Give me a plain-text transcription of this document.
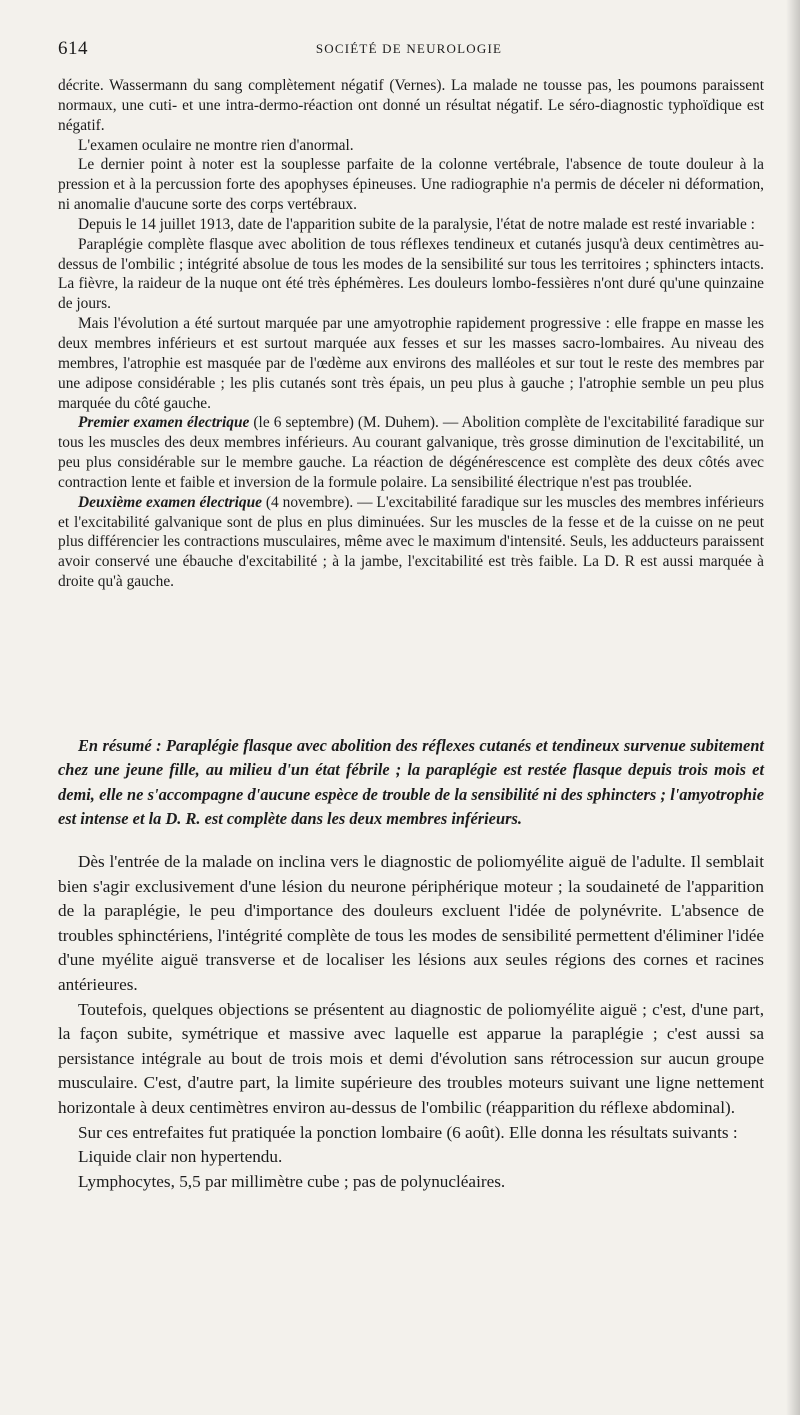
614	SOCIÉTÉ DE NEUROLOGIE

décrite. Wassermann du sang complètement négatif (Vernes). La malade ne tousse pas, les poumons paraissent normaux, une cuti- et une intra-dermo-réaction ont donné un résultat négatif. Le séro-diagnostic typhoïdique est négatif.

L'examen oculaire ne montre rien d'anormal.

Le dernier point à noter est la souplesse parfaite de la colonne vertébrale, l'absence de toute douleur à la pression et à la percussion forte des apophyses épineuses. Une radiographie n'a permis de déceler ni déformation, ni anomalie d'aucune sorte des corps vertébraux.

Depuis le 14 juillet 1913, date de l'apparition subite de la paralysie, l'état de notre malade est resté invariable :

Paraplégie complète flasque avec abolition de tous réflexes tendineux et cutanés jusqu'à deux centimètres au-dessus de l'ombilic ; intégrité absolue de tous les modes de la sensibilité sur tous les territoires ; sphincters intacts. La fièvre, la raideur de la nuque ont été très éphémères. Les douleurs lombo-fessières n'ont duré qu'une quinzaine de jours.

Mais l'évolution a été surtout marquée par une amyotrophie rapidement progressive : elle frappe en masse les deux membres inférieurs et est surtout marquée aux fesses et sur les masses sacro-lombaires. Au niveau des membres, l'atrophie est masquée par de l'œdème aux environs des malléoles et sur tout le reste des membres par une adipose considérable ; les plis cutanés sont très épais, un peu plus à gauche ; l'atrophie semble un peu plus marquée du côté gauche.

Premier examen électrique (le 6 septembre) (M. Duhem). — Abolition complète de l'excitabilité faradique sur tous les muscles des deux membres inférieurs. Au courant galvanique, très grosse diminution de l'excitabilité, un peu plus considérable sur le membre gauche. La réaction de dégénérescence est complète des deux côtés avec contraction lente et faible et inversion de la formule polaire. La sensibilité électrique n'est pas troublée.

Deuxième examen électrique (4 novembre). — L'excitabilité faradique sur les muscles des membres inférieurs et l'excitabilité galvanique sont de plus en plus diminuées. Sur les muscles de la fesse et de la cuisse on ne peut plus différencier les contractions musculaires, même avec le maximum d'intensité. Seuls, les adducteurs paraissent avoir conservé une ébauche d'excitabilité ; à la jambe, l'excitabilité est très faible. La D. R est aussi marquée à droite qu'à gauche.

En résumé : Paraplégie flasque avec abolition des réflexes cutanés et tendineux survenue subitement chez une jeune fille, au milieu d'un état fébrile ; la paraplégie est restée flasque depuis trois mois et demi, elle ne s'accompagne d'aucune espèce de trouble de la sensibilité ni des sphincters ; l'amyotrophie est intense et la D. R. est complète dans les deux membres inférieurs.

Dès l'entrée de la malade on inclina vers le diagnostic de poliomyélite aiguë de l'adulte. Il semblait bien s'agir exclusivement d'une lésion du neurone périphérique moteur ; la soudaineté de l'apparition de la paraplégie, le peu d'importance des douleurs excluent l'idée de polynévrite. L'absence de troubles sphinctériens, l'intégrité complète de tous les modes de sensibilité permettent d'éliminer l'idée d'une myélite aiguë transverse et de localiser les lésions aux seules régions des cornes et racines antérieures.

Toutefois, quelques objections se présentent au diagnostic de poliomyélite aiguë ; c'est, d'une part, la façon subite, symétrique et massive avec laquelle est apparue la paraplégie ; c'est aussi sa persistance intégrale au bout de trois mois et demi d'évolution sans rétrocession sur aucun groupe musculaire. C'est, d'autre part, la limite supérieure des troubles moteurs suivant une ligne nettement horizontale à deux centimètres environ au-dessus de l'ombilic (réapparition du réflexe abdominal).

Sur ces entrefaites fut pratiquée la ponction lombaire (6 août). Elle donna les résultats suivants :

Liquide clair non hypertendu.

Lymphocytes, 5,5 par millimètre cube ; pas de polynucléaires.
